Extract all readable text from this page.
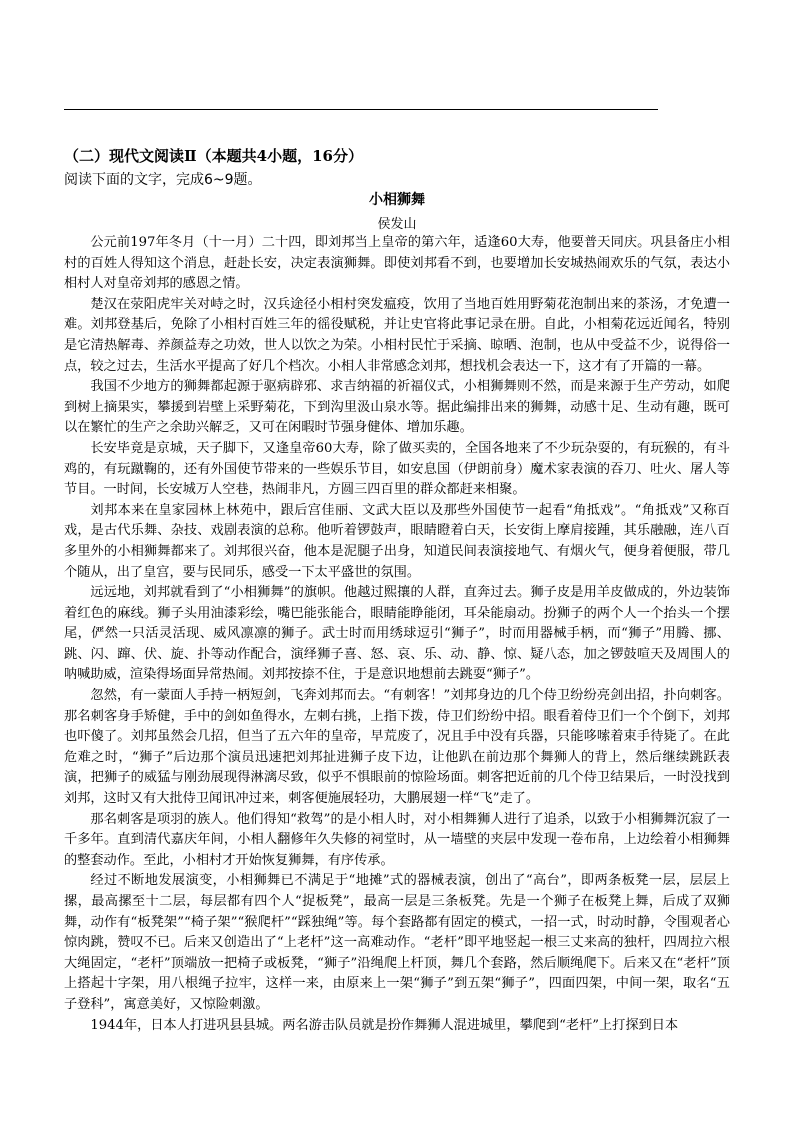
（二）现代文阅读Ⅱ（本题共4小题，16分）
阅读下面的文字，完成6~9题。
小相狮舞
侯发山

公元前197年冬月（十一月）二十四，即刘邦当上皇帝的第六年，适逢60大寿，他要普天同庆。巩县备庄小相村的百姓人得知这个消息，赶赴长安，决定表演狮舞。即使刘邦看不到，也要增加长安城热闹欢乐的气氛，表达小相村人对皇帝刘邦的感恩之情。

楚汉在荥阳虎牢关对峙之时，汉兵途径小相村突发瘟疫，饮用了当地百姓用野菊花泡制出来的茶汤，才免遭一难。刘邦登基后，免除了小相村百姓三年的徭役赋税，并让史官将此事记录在册。自此，小相菊花远近闻名，特别是它清热解毒、养颜益寿之功效，世人以饮之为荣。小相村民忙于采摘、晾晒、泡制，也从中受益不少，说得俗一点，较之过去，生活水平提高了好几个档次。小相人非常感念刘邦，想找机会表达一下，这才有了开篇的一幕。

我国不少地方的狮舞都起源于驱病辟邪、求吉纳福的祈福仪式，小相狮舞则不然，而是来源于生产劳动，如爬到树上摘果实，攀援到岩壁上采野菊花，下到沟里汲山泉水等。据此编排出来的狮舞，动感十足、生动有趣，既可以在繁忙的生产之余助兴解乏，又可在闲暇时节强身健体、增加乐趣。

长安毕竟是京城，天子脚下，又逢皇帝60大寿，除了做买卖的，全国各地来了不少玩杂耍的，有玩猴的，有斗鸡的，有玩蹴鞠的，还有外国使节带来的一些娱乐节目，如安息国（伊朗前身）魔术家表演的吞刀、吐火、屠人等节目。一时间，长安城万人空巷，热闹非凡，方圆三四百里的群众都赶来相聚。

刘邦本来在皇家园林上林苑中，跟后宫佳丽、文武大臣以及那些外国使节一起看“角抵戏”。“角抵戏”又称百戏，是古代乐舞、杂技、戏剧表演的总称。他听着锣鼓声，眼睛瞪着白天，长安街上摩肩接踵，其乐融融，连八百多里外的小相狮舞都来了。刘邦很兴奋，他本是泥腿子出身，知道民间表演接地气、有烟火气，便身着便服，带几个随从，出了皇宫，要与民同乐，感受一下太平盛世的氛围。

远远地，刘邦就看到了“小相狮舞”的旗帜。他越过熙攘的人群，直奔过去。狮子皮是用羊皮做成的，外边装饰着红色的麻线。狮子头用油漆彩绘，嘴巴能张能合，眼睛能睁能闭，耳朵能扇动。扮狮子的两个人一个抬头一个摆尾，俨然一只活灵活现、威风凛凛的狮子。武士时而用绣球逗引“狮子”，时而用器械手柄，而“狮子”用腾、挪、跳、闪、蹿、伏、旋、扑等动作配合，演绎狮子喜、怒、哀、乐、动、静、惊、疑八态，加之锣鼓喧天及周围人的呐喊助威，渲染得场面异常热闹。刘邦按捺不住，于是意识地想前去跳耍“狮子”。

忽然，有一蒙面人手持一柄短剑，飞奔刘邦而去。“有刺客！”刘邦身边的几个侍卫纷纷亮剑出招，扑向刺客。那名刺客身手矫健，手中的剑如鱼得水，左刺右挑，上指下拨，侍卫们纷纷中招。眼看着侍卫们一个个倒下，刘邦也吓傻了。刘邦虽然会几招，但当了五六年的皇帝，早荒废了，况且手中没有兵器，只能哆嗦着束手待毙了。在此危难之时，“狮子”后边那个演员迅速把刘邦扯进狮子皮下边，让他趴在前边那个舞狮人的背上，然后继续跳跃表演，把狮子的威猛与刚劲展现得淋漓尽致，似乎不惧眼前的惊险场面。刺客把近前的几个侍卫结果后，一时没找到刘邦，这时又有大批侍卫闻讯冲过来，刺客便施展轻功，大鹏展翅一样“飞”走了。

那名刺客是项羽的族人。他们得知“救驾”的是小相人时，对小相舞狮人进行了追杀，以致于小相狮舞沉寂了一千多年。直到清代嘉庆年间，小相人翻修年久失修的祠堂时，从一墙壁的夹层中发现一卷布帛，上边绘着小相狮舞的整套动作。至此，小相村才开始恢复狮舞，有序传承。

经过不断地发展演变，小相狮舞已不满足于“地摊”式的器械表演，创出了“高台”，即两条板凳一层，层层上摞，最高摞至十二层，每层都有四个人“捉板凳”，最高一层是三条板凳。先是一个狮子在板凳上舞，后成了双狮舞，动作有“板凳架”“椅子架”“猴爬杆”“踩独绳”等。每个套路都有固定的模式，一招一式，时动时静，令围观者心惊肉跳，赞叹不已。后来又创造出了“上老杆”这一高难动作。“老杆”即平地竖起一根三丈来高的独杆，四周拉六根大绳固定，“老杆”顶端放一把椅子或板凳，“狮子”沿绳爬上杆顶，舞几个套路，然后顺绳爬下。后来又在“老杆”顶上搭起十字架，用八根绳子拉牢，这样一来，由原来上一架“狮子”到五架“狮子”，四面四架，中间一架，取名“五子登科”，寓意美好，又惊险刺激。

1944年，日本人打进巩县县城。两名游击队员就是扮作舞狮人混进城里，攀爬到“老杆”上打探到日本
